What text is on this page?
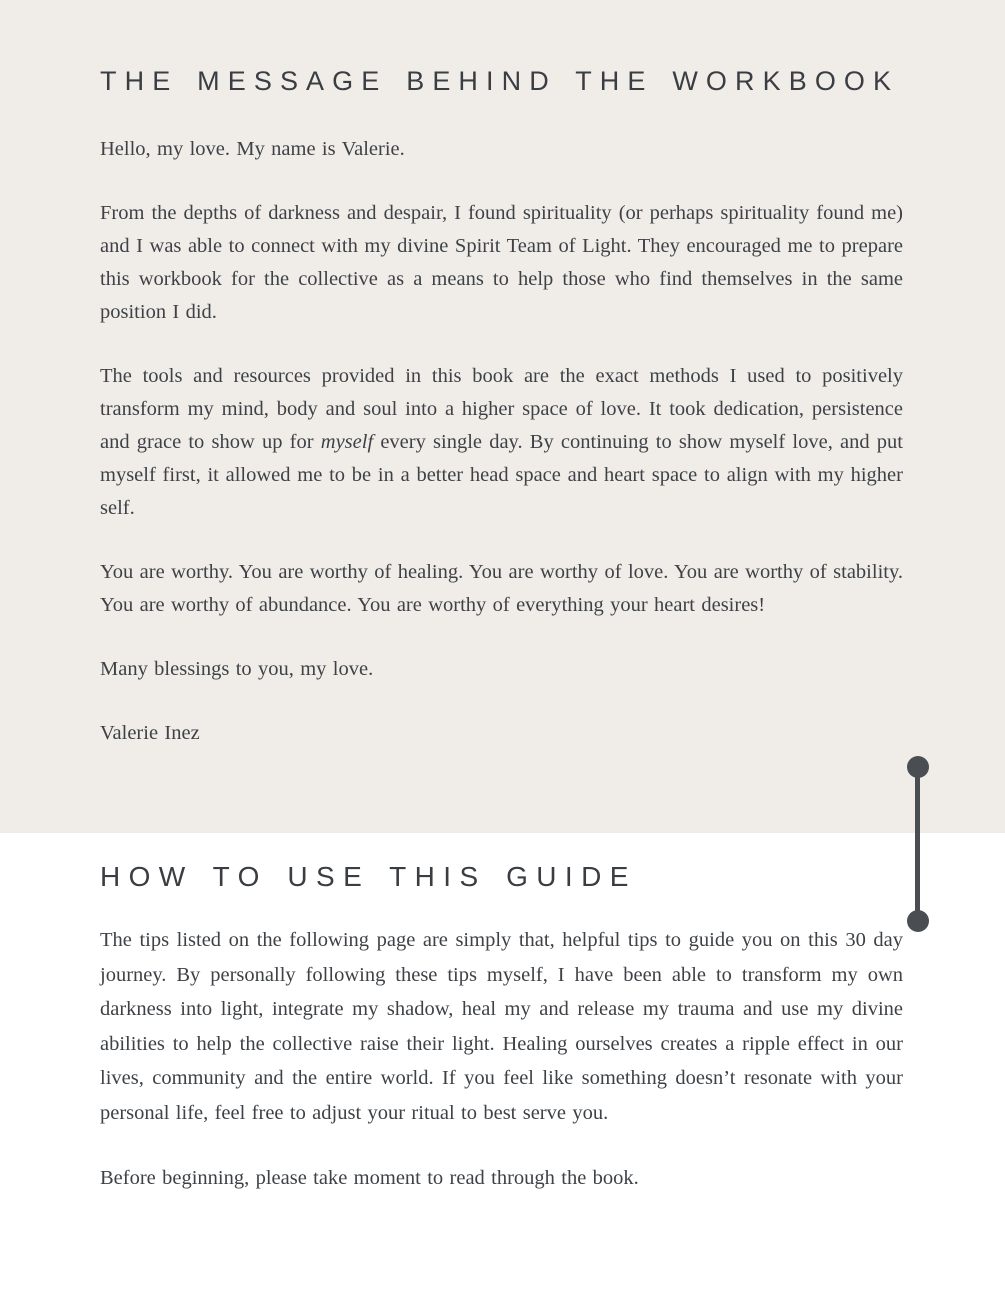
THE MESSAGE BEHIND THE WORKBOOK

Hello, my love. My name is Valerie.

From the depths of darkness and despair, I found spirituality (or perhaps spirituality found me) and I was able to connect with my divine Spirit Team of Light. They encouraged me to prepare this workbook for the collective as a means to help those who find themselves in the same position I did.

The tools and resources provided in this book are the exact methods I used to positively transform my mind, body and soul into a higher space of love. It took dedication, persistence and grace to show up for myself every single day. By continuing to show myself love, and put myself first, it allowed me to be in a better head space and heart space to align with my higher self.

You are worthy. You are worthy of healing. You are worthy of love. You are worthy of stability. You are worthy of abundance. You are worthy of everything your heart desires!

Many blessings to you, my love.

Valerie Inez

HOW TO USE THIS GUIDE

The tips listed on the following page are simply that, helpful tips to guide you on this 30 day journey. By personally following these tips myself, I have been able to transform my own darkness into light, integrate my shadow, heal my and release my trauma and use my divine abilities to help the collective raise their light. Healing ourselves creates a ripple effect in our lives, community and the entire world. If you feel like something doesn’t resonate with your personal life, feel free to adjust your ritual to best serve you.

Before beginning, please take moment to read through the book.
